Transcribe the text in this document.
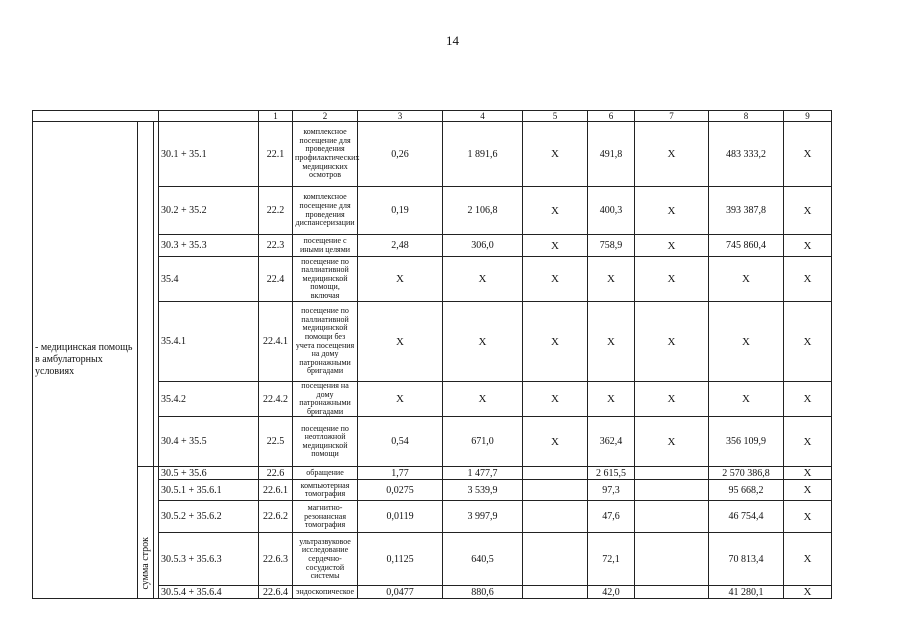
14
				1	2	3	4	5	6	7	8	9
- медицинская помощь в амбулаторных условиях			30.1 + 35.1	22.1	комплексное посещение для проведения профилактических медицинских осмотров	0,26	1 891,6	X	491,8	X	483 333,2	X
			30.2 + 35.2	22.2	комплексное посещение для проведения диспансеризации	0,19	2 106,8	X	400,3	X	393 387,8	X
			30.3 + 35.3	22.3	посещение с иными целями	2,48	306,0	X	758,9	X	745 860,4	X
			35.4	22.4	посещение по паллиативной медицинской помощи, включая	X	X	X	X	X	X	X
			35.4.1	22.4.1	посещение по паллиативной медицинской помощи без учета посещения на дому патронажными бригадами	X	X	X	X	X	X	X
			35.4.2	22.4.2	посещения на дому патронажными бригадами	X	X	X	X	X	X	X
			30.4 + 35.5	22.5	посещение по неотложной медицинской помощи	0,54	671,0	X	362,4	X	356 109,9	X
	сумма строк		30.5 + 35.6	22.6	обращение	1,77	1 477,7		2 615,5		2 570 386,8	X
			30.5.1 + 35.6.1	22.6.1	компьютерная томография	0,0275	3 539,9		97,3		95 668,2	X
			30.5.2 + 35.6.2	22.6.2	магнитно-резонансная томография	0,0119	3 997,9		47,6		46 754,4	X
			30.5.3 + 35.6.3	22.6.3	ультразвуковое исследование сердечно-сосудистой системы	0,1125	640,5		72,1		70 813,4	X
			30.5.4 + 35.6.4	22.6.4	эндоскопическое	0,0477	880,6		42,0		41 280,1	X
